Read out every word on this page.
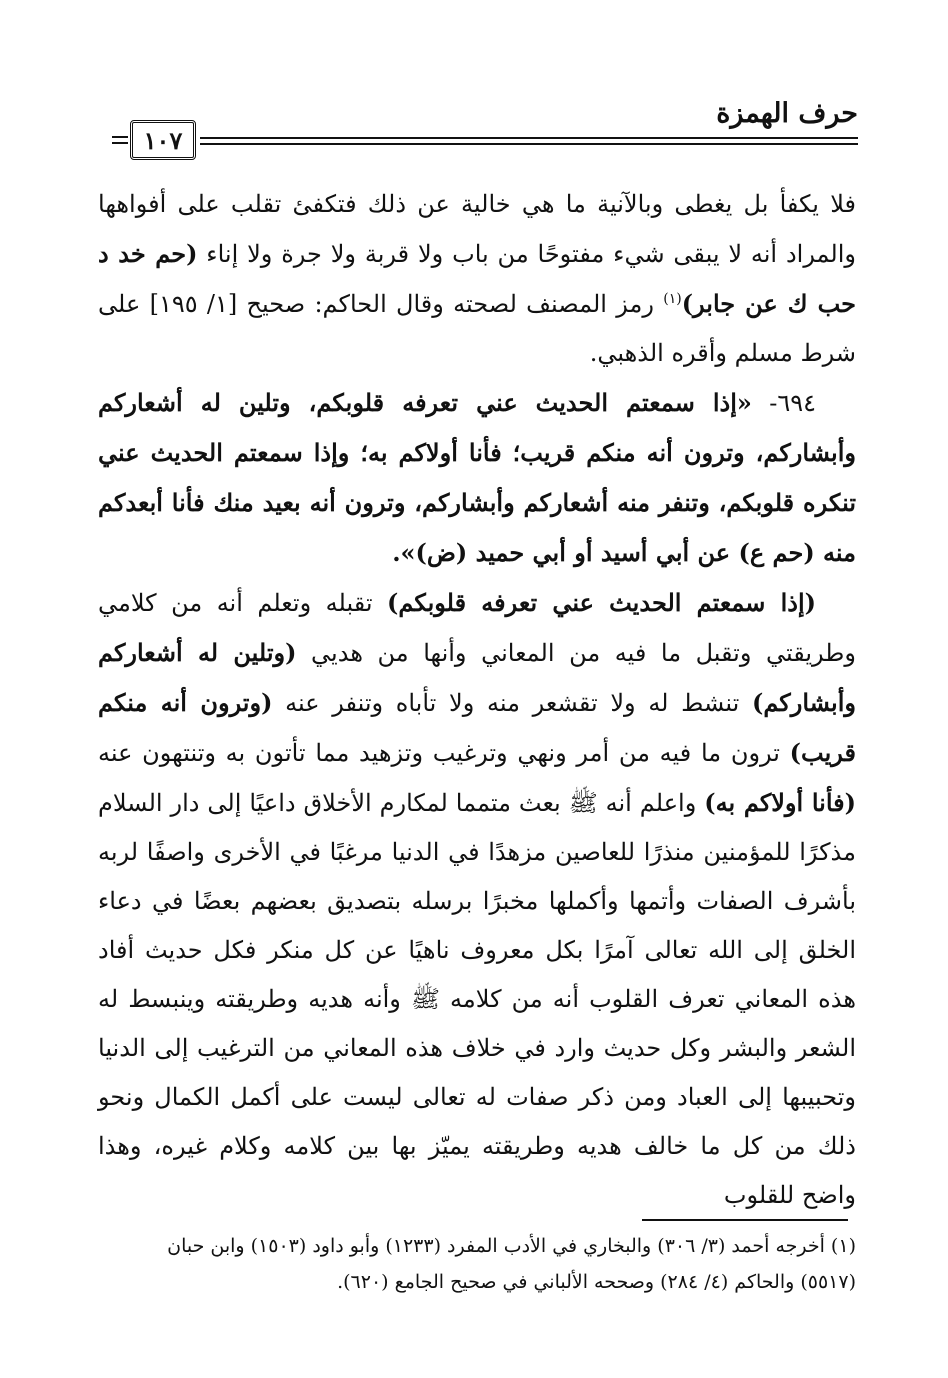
حرف الهمزة
١٠٧

فلا يكفأ بل يغطى وبالآنية ما هي خالية عن ذلك فتكفئ تقلب على أفواهها والمراد أنه لا يبقى شيء مفتوحًا من باب ولا قربة ولا جرة ولا إناء (حم خد د حب ك عن جابر)$^{(١)}$ رمز المصنف لصحته وقال الحاكم: صحيح [١/ ١٩٥] على شرط مسلم وأقره الذهبي.

٦٩٤- «إذا سمعتم الحديث عني تعرفه قلوبكم، وتلين له أشعاركم وأبشاركم، وترون أنه منكم قريب؛ فأنا أولاكم به؛ وإذا سمعتم الحديث عني تنكره قلوبكم، وتنفر منه أشعاركم وأبشاركم، وترون أنه بعيد منك فأنا أبعدكم منه (حم ع) عن أبي أسيد أو أبي حميد (ض)».

(إذا سمعتم الحديث عني تعرفه قلوبكم) تقبله وتعلم أنه من كلامي وطريقتي وتقبل ما فيه من المعاني وأنها من هديي (وتلين له أشعاركم وأبشاركم) تنشط له ولا تقشعر منه ولا تأباه وتنفر عنه (وترون أنه منكم قريب) ترون ما فيه من أمر ونهي وترغيب وتزهيد مما تأتون به وتنتهون عنه (فأنا أولاكم به) واعلم أنه ﷺ بعث متمما لمكارم الأخلاق داعيًا إلى دار السلام مذكرًا للمؤمنين منذرًا للعاصين مزهدًا في الدنيا مرغبًا في الأخرى واصفًا لربه بأشرف الصفات وأتمها وأكملها مخبرًا برسله بتصديق بعضهم بعضًا في دعاء الخلق إلى الله تعالى آمرًا بكل معروف ناهيًا عن كل منكر فكل حديث أفاد هذه المعاني تعرف القلوب أنه من كلامه ﷺ وأنه هديه وطريقته وينبسط له الشعر والبشر وكل حديث وارد في خلاف هذه المعاني من الترغيب إلى الدنيا وتحبيبها إلى العباد ومن ذكر صفات له تعالى ليست على أكمل الكمال ونحو ذلك من كل ما خالف هديه وطريقته يميّز بها بين كلامه وكلام غيره، وهذا واضح للقلوب

(١) أخرجه أحمد (٣/ ٣٠٦) والبخاري في الأدب المفرد (١٢٣٣) وأبو داود (١٥٠٣) وابن حبان

(٥٥١٧) والحاكم (٤/ ٢٨٤) وصححه الألباني في صحيح الجامع (٦٢٠).
